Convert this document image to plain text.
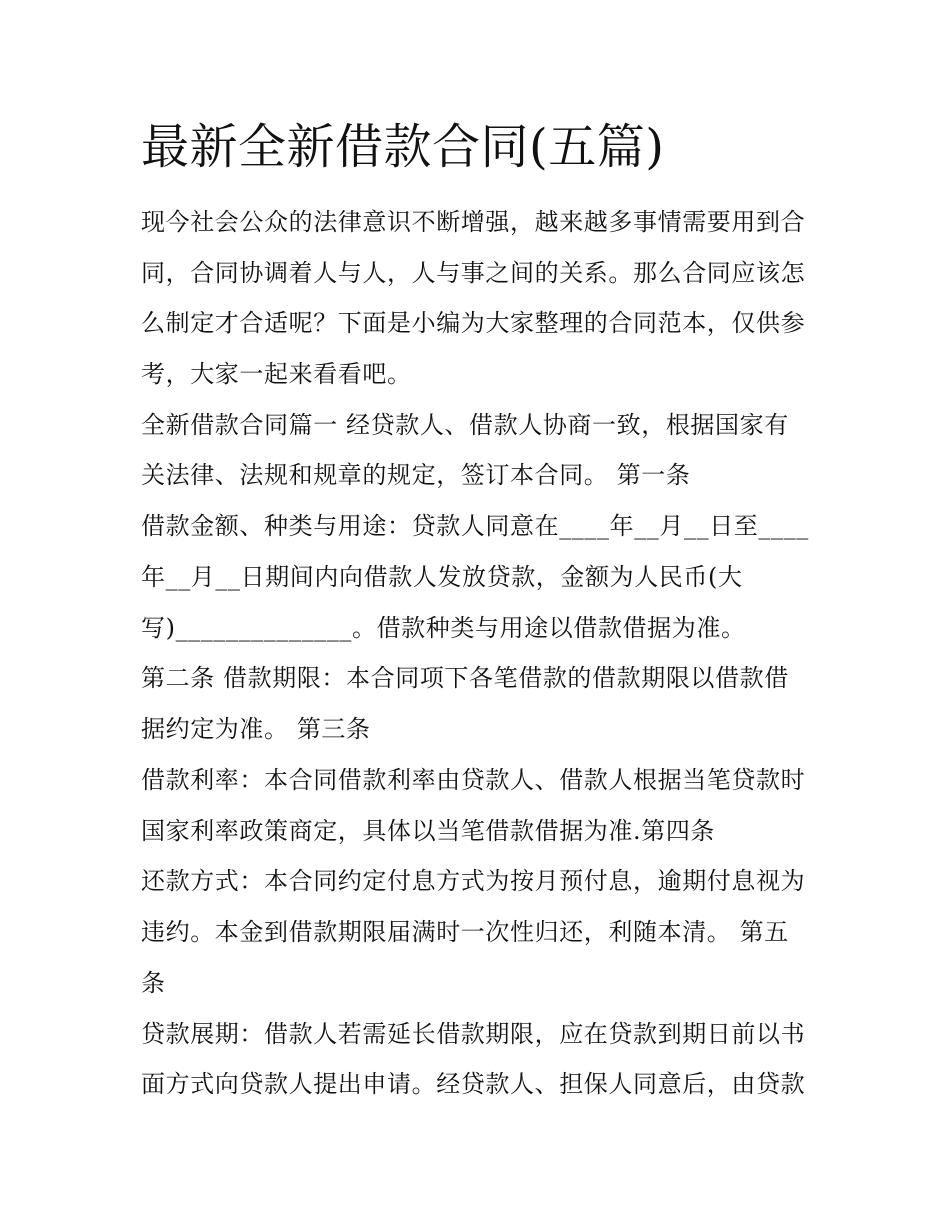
最新全新借款合同(五篇)
现今社会公众的法律意识不断增强，越来越多事情需要用到合
同，合同协调着人与人，人与事之间的关系。那么合同应该怎
么制定才合适呢？下面是小编为大家整理的合同范本，仅供参
考，大家一起来看看吧。
全新借款合同篇一 经贷款人、借款人协商一致，根据国家有
关法律、法规和规章的规定，签订本合同。 第一条
借款金额、种类与用途：贷款人同意在____年__月__日至____
年__月__日期间内向借款人发放贷款，金额为人民币(大
写)______________。借款种类与用途以借款借据为准。
第二条 借款期限：本合同项下各笔借款的借款期限以借款借
据约定为准。 第三条
借款利率：本合同借款利率由贷款人、借款人根据当笔贷款时
国家利率政策商定，具体以当笔借款借据为准.第四条
还款方式：本合同约定付息方式为按月预付息，逾期付息视为
违约。本金到借款期限届满时一次性归还，利随本清。 第五
条
贷款展期：借款人若需延长借款期限，应在贷款到期日前以书
面方式向贷款人提出申请。经贷款人、担保人同意后，由贷款
